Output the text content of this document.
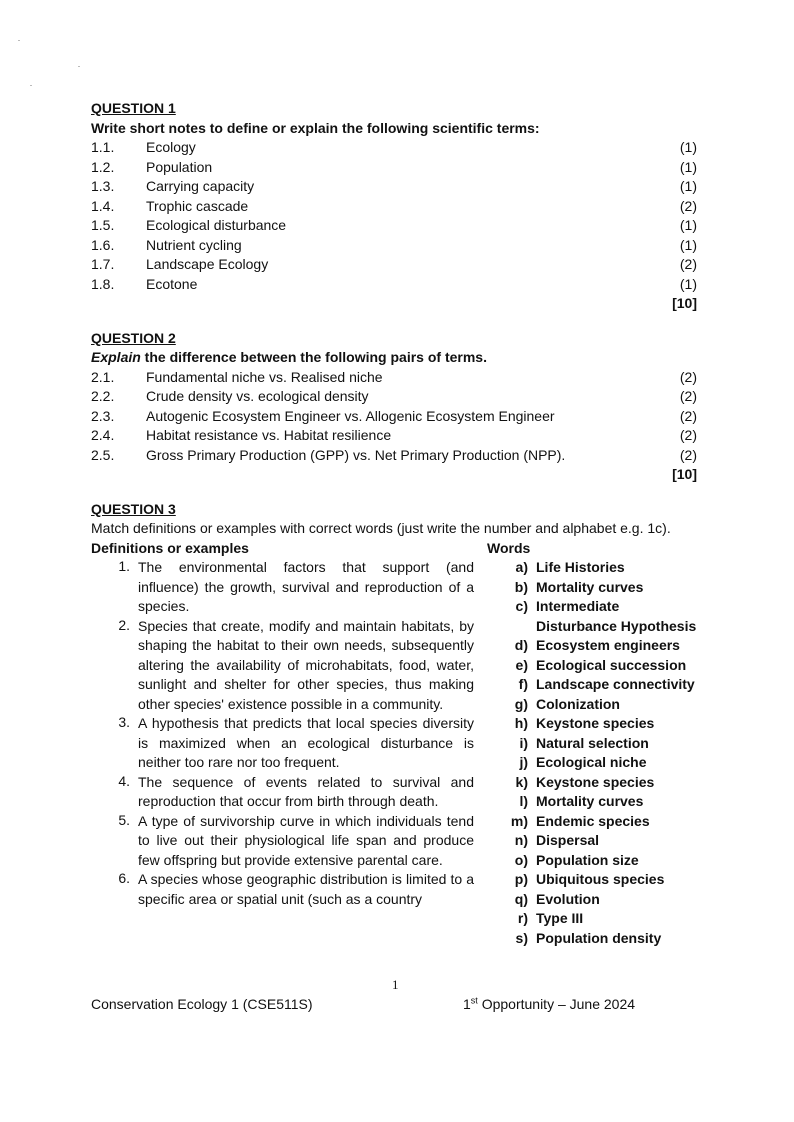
QUESTION 1
Write short notes to define or explain the following scientific terms:
1.1.	Ecology	(1)
1.2.	Population	(1)
1.3.	Carrying capacity	(1)
1.4.	Trophic cascade	(2)
1.5.	Ecological disturbance	(1)
1.6.	Nutrient cycling	(1)
1.7.	Landscape Ecology	(2)
1.8.	Ecotone	(1)
[10]
QUESTION 2
Explain the difference between the following pairs of terms.
2.1.	Fundamental niche vs. Realised niche	(2)
2.2.	Crude density vs. ecological density	(2)
2.3.	Autogenic Ecosystem Engineer vs. Allogenic Ecosystem Engineer	(2)
2.4.	Habitat resistance vs. Habitat resilience	(2)
2.5.	Gross Primary Production (GPP) vs. Net Primary Production (NPP).	(2)
[10]
QUESTION 3
Match definitions or examples with correct words (just write the number and alphabet e.g. 1c).
Definitions or examples	Words
1. The environmental factors that support (and influence) the growth, survival and reproduction of a species.
2. Species that create, modify and maintain habitats, by shaping the habitat to their own needs, subsequently altering the availability of microhabitats, food, water, sunlight and shelter for other species, thus making other species' existence possible in a community.
3. A hypothesis that predicts that local species diversity is maximized when an ecological disturbance is neither too rare nor too frequent.
4. The sequence of events related to survival and reproduction that occur from birth through death.
5. A type of survivorship curve in which individuals tend to live out their physiological life span and produce few offspring but provide extensive parental care.
6. A species whose geographic distribution is limited to a specific area or spatial unit (such as a country
a) Life Histories
b) Mortality curves
c) Intermediate Disturbance Hypothesis
d) Ecosystem engineers
e) Ecological succession
f) Landscape connectivity
g) Colonization
h) Keystone species
i) Natural selection
j) Ecological niche
k) Keystone species
l) Mortality curves
m) Endemic species
n) Dispersal
o) Population size
p) Ubiquitous species
q) Evolution
r) Type III
s) Population density
1
Conservation Ecology 1 (CSE511S)	1st Opportunity – June 2024
